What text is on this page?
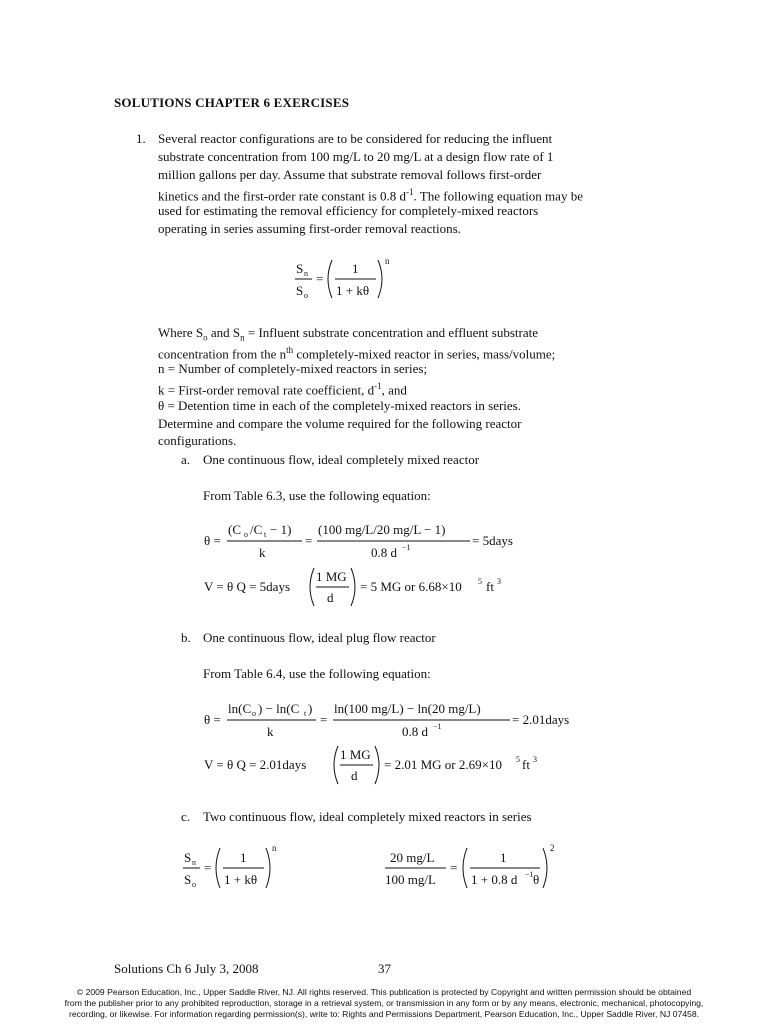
SOLUTIONS CHAPTER 6 EXERCISES
1. Several reactor configurations are to be considered for reducing the influent
substrate concentration from 100 mg/L to 20 mg/L at a design flow rate of 1
million gallons per day. Assume that substrate removal follows first-order
kinetics and the first-order rate constant is 0.8 $d^{-1}$. The following equation may be
used for estimating the removal efficiency for completely-mixed reactors
operating in series assuming first-order removal reactions.
S n
S o
=
1
1 + kθ
n
Where $S_o$ and $S_n$ = Influent substrate concentration and effluent substrate
concentration from the $n^{th}$ completely-mixed reactor in series, mass/volume;
n = Number of completely-mixed reactors in series;
k = First-order removal rate coefficient, $d^{-1}$, and
θ = Detention time in each of the completely-mixed reactors in series.
Determine and compare the volume required for the following reactor
configurations.
a. One continuous flow, ideal completely mixed reactor
From Table 6.3, use the following equation:
θ =
(C o /C t − 1)
k
=
(100 mg/L/20 mg/L − 1)
0.8 d −1	= 5days
V = θ Q = 5days
1 MG
d
= 5 MG or 6.68×10 5 ft 3
b. One continuous flow, ideal plug flow reactor
From Table 6.4, use the following equation:
θ =
ln(C o ) − ln(C t )
k
=
ln(100 mg/L) − ln(20 mg/L)
0.8 d −1	= 2.01days
V = θ Q = 2.01days
1 MG
d
= 2.01 MG or 2.69×10 5 ft 3
c. Two continuous flow, ideal completely mixed reactors in series
S n
S o
=
1
1 + kθ
n
20 mg/L
100 mg/L
=
1
1 + 0.8 d −1 θ
2
Solutions Ch 6 July 3, 2008	37
© 2009 Pearson Education, Inc., Upper Saddle River, NJ. All rights reserved. This publication is protected by Copyright and written permission should be obtained
from the publisher prior to any prohibited reproduction, storage in a retrieval system, or transmission in any form or by any means, electronic, mechanical, photocopying,
recording, or likewise. For information regarding permission(s), write to: Rights and Permissions Department, Pearson Education, Inc., Upper Saddle River, NJ 07458.
